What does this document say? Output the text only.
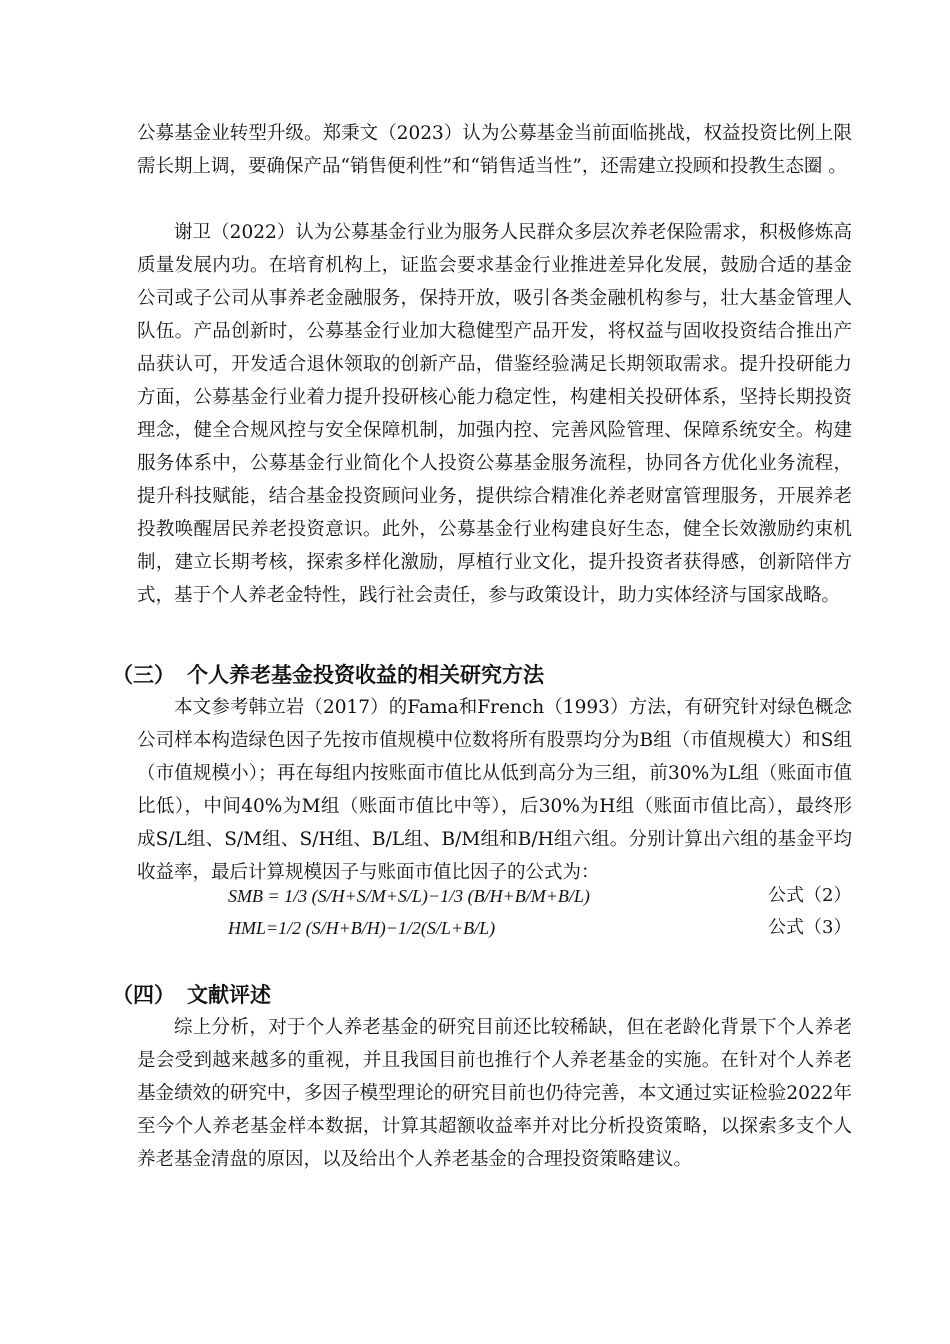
公募基金业转型升级。郑秉文（2023）认为公募基金当前面临挑战，权益投资比例上限需长期上调，要确保产品“销售便利性”和“销售适当性”，还需建立投顾和投教生态圈 。

谢卫（2022）认为公募基金行业为服务人民群众多层次养老保险需求，积极修炼高质量发展内功。在培育机构上，证监会要求基金行业推进差异化发展，鼓励合适的基金公司或子公司从事养老金融服务，保持开放，吸引各类金融机构参与，壮大基金管理人队伍。产品创新时，公募基金行业加大稳健型产品开发，将权益与固收投资结合推出产品获认可，开发适合退休领取的创新产品，借鉴经验满足长期领取需求。提升投研能力方面，公募基金行业着力提升投研核心能力稳定性，构建相关投研体系，坚持长期投资理念，健全合规风控与安全保障机制，加强内控、完善风险管理、保障系统安全。构建服务体系中，公募基金行业简化个人投资公募基金服务流程，协同各方优化业务流程，提升科技赋能，结合基金投资顾问业务，提供综合精准化养老财富管理服务，开展养老投教唤醒居民养老投资意识。此外，公募基金行业构建良好生态，健全长效激励约束机制，建立长期考核，探索多样化激励，厚植行业文化，提升投资者获得感，创新陪伴方式，基于个人养老金特性，践行社会责任，参与政策设计，助力实体经济与国家战略。

（三） 个人养老基金投资收益的相关研究方法

本文参考韩立岩（2017）的Fama和French（1993）方法，有研究针对绿色概念公司样本构造绿色因子先按市值规模中位数将所有股票均分为B组（市值规模大）和S组（市值规模小）；再在每组内按账面市值比从低到高分为三组，前30%为L组（账面市值比低），中间40%为M组（账面市值比中等），后30%为H组（账面市值比高），最终形成S/L组、S/M组、S/H组、B/L组、B/M组和B/H组六组。分别计算出六组的基金平均收益率，最后计算规模因子与账面市值比因子的公式为：

SMB = 1/3 (S/H+S/M+S/L)−1/3 (B/H+B/M+B/L)	公式（2）
HML=1/2 (S/H+B/H)−1/2(S/L+B/L)	公式（3）
（四） 文献评述

综上分析，对于个人养老基金的研究目前还比较稀缺，但在老龄化背景下个人养老是会受到越来越多的重视，并且我国目前也推行个人养老基金的实施。在针对个人养老基金绩效的研究中，多因子模型理论的研究目前也仍待完善，本文通过实证检验2022年至今个人养老基金样本数据，计算其超额收益率并对比分析投资策略，以探索多支个人养老基金清盘的原因，以及给出个人养老基金的合理投资策略建议。
